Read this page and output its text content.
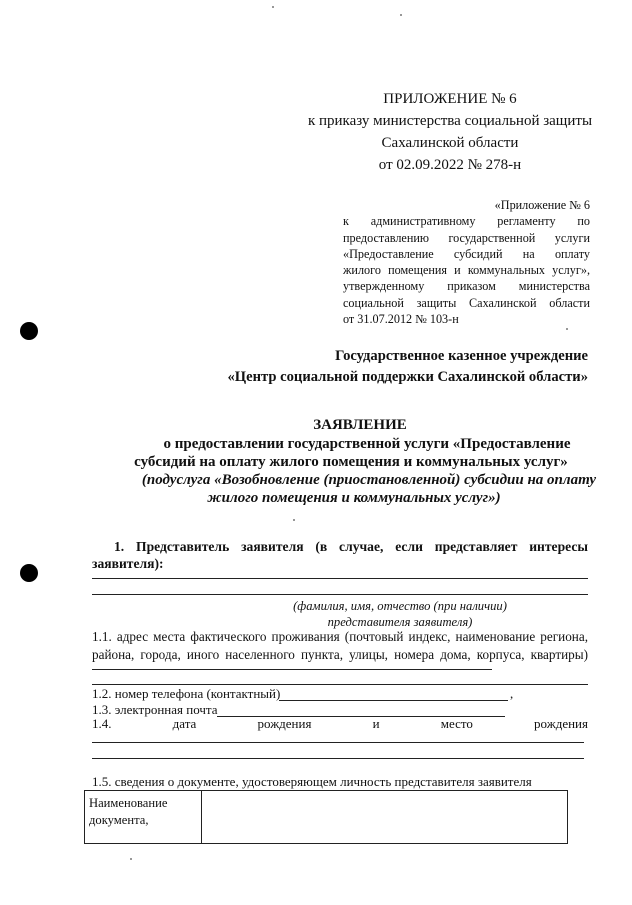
ПРИЛОЖЕНИЕ № 6
к приказу министерства социальной защиты
Сахалинской области
от 02.09.2022 № 278-н
«Приложение № 6
к административному регламенту по
предоставлению государственной услуги
«Предоставление субсидий на оплату
жилого помещения и коммунальных услуг»,
утвержденному приказом министерства
социальной защиты Сахалинской области
от 31.07.2012 № 103-н
Государственное казенное учреждение
«Центр социальной поддержки Сахалинской области»
ЗАЯВЛЕНИЕ
о предоставлении государственной услуги «Предоставление
субсидий на оплату жилого помещения и коммунальных услуг»
(подуслуга «Возобновление (приостановленной) субсидии на оплату
жилого помещения и коммунальных услуг»)
1. Представитель заявителя (в случае, если представляет интересы
заявителя):
(фамилия, имя, отчество (при наличии)
представителя заявителя)
1.1. адрес места фактического проживания (почтовый индекс, наименование региона,
района, города, иного населенного пункта, улицы, номера дома, корпуса, квартиры)
1.2. номер телефона (контактный)	,
1.3. электронная почта
1.4.	дата	рождения	и	место	рождения
1.5. сведения о документе, удостоверяющем личность представителя заявителя
Наименование
документа,
